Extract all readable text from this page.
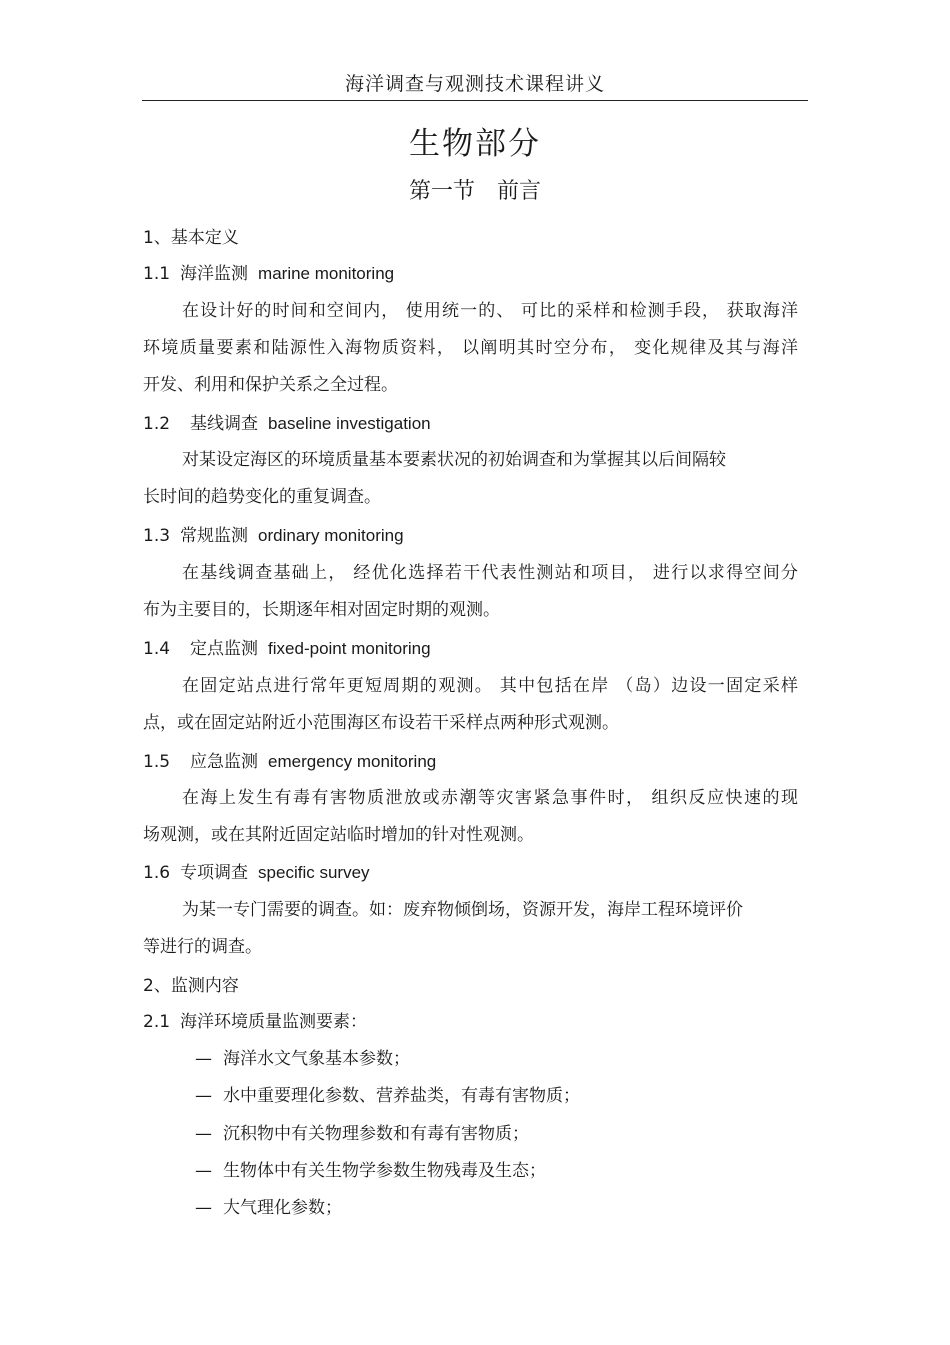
海洋调查与观测技术课程讲义
生物部分
第一节 前言
1、基本定义
1.1 海洋监测 marine monitoring
在设计好的时间和空间内， 使用统一的、 可比的采样和检测手段， 获取海洋
环境质量要素和陆源性入海物质资料， 以阐明其时空分布， 变化规律及其与海洋
开发、利用和保护关系之全过程。
1.2 基线调查 baseline investigation
对某设定海区的环境质量基本要素状况的初始调查和为掌握其以后间隔较
长时间的趋势变化的重复调查。
1.3 常规监测 ordinary monitoring
在基线调查基础上， 经优化选择若干代表性测站和项目， 进行以求得空间分
布为主要目的，长期逐年相对固定时期的观测。
1.4 定点监测 fixed-point monitoring
在固定站点进行常年更短周期的观测。 其中包括在岸 （岛）边设一固定采样
点，或在固定站附近小范围海区布设若干采样点两种形式观测。
1.5 应急监测 emergency monitoring
在海上发生有毒有害物质泄放或赤潮等灾害紧急事件时， 组织反应快速的现
场观测，或在其附近固定站临时增加的针对性观测。
1.6 专项调查 specific survey
为某一专门需要的调查。如：废弃物倾倒场，资源开发，海岸工程环境评价
等进行的调查。
2、监测内容
2.1 海洋环境质量监测要素：
— 海洋水文气象基本参数；
— 水中重要理化参数、营养盐类，有毒有害物质；
— 沉积物中有关物理参数和有毒有害物质；
— 生物体中有关生物学参数生物残毒及生态；
— 大气理化参数；
